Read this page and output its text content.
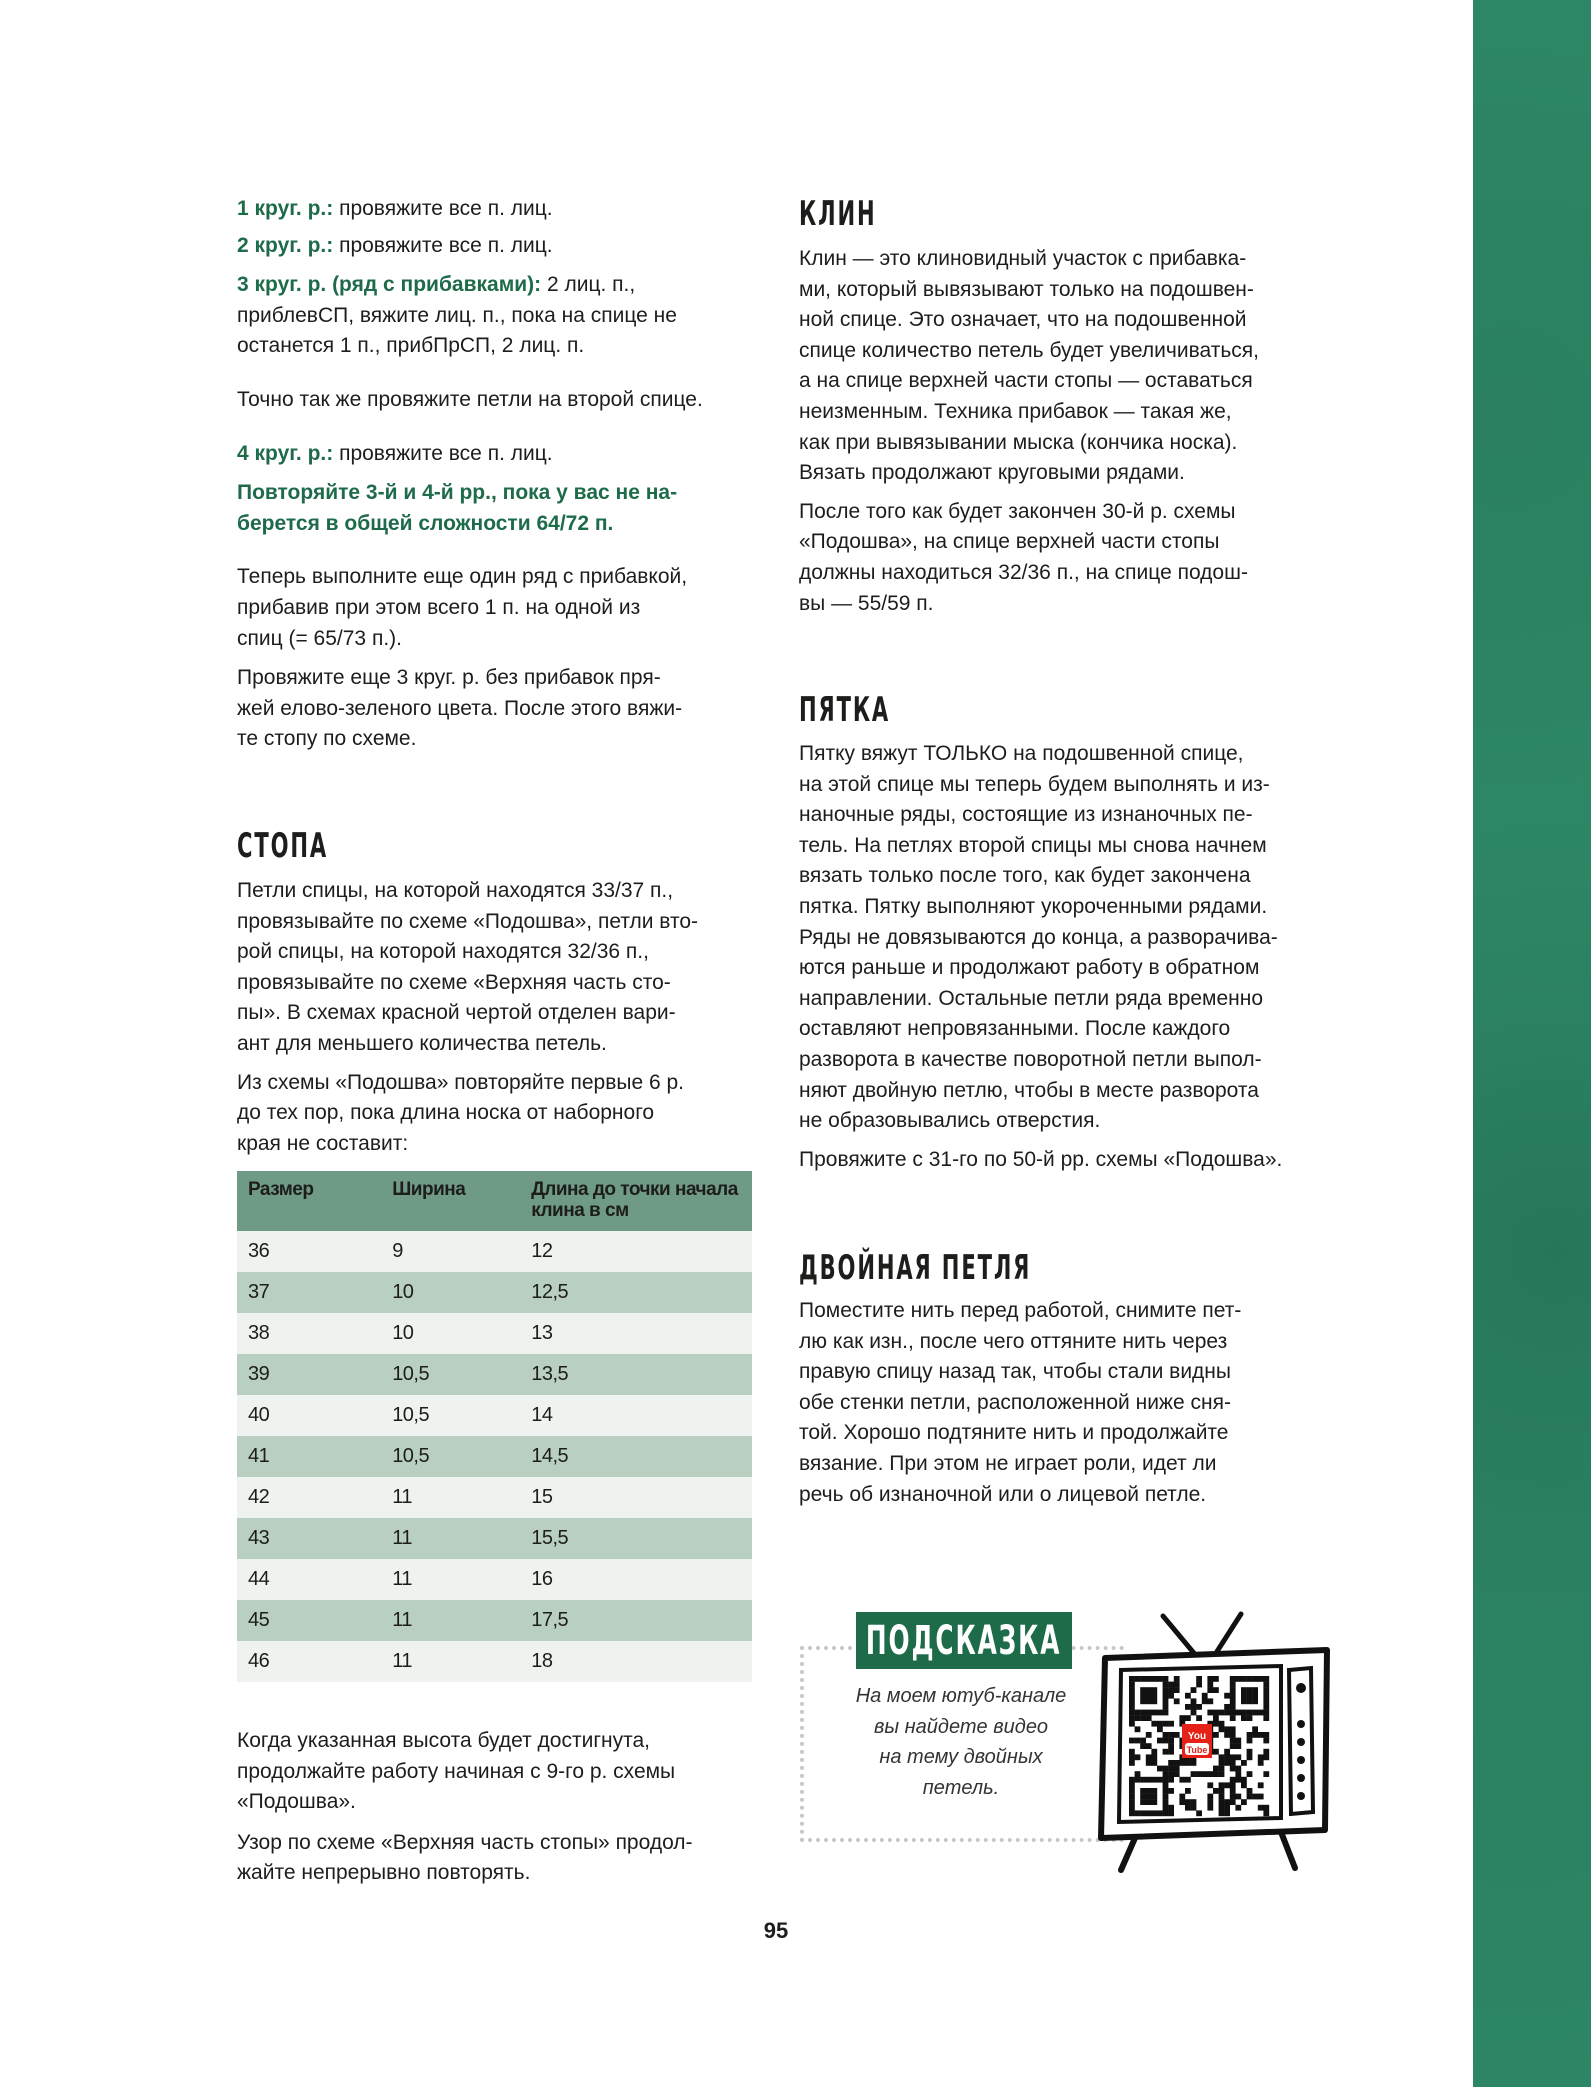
1 круг. р.: провяжите все п. лиц.
2 круг. р.: провяжите все п. лиц.
3 круг. р. (ряд с прибавками): 2 лиц. п.,
приблевСП, вяжите лиц. п., пока на спице не
останется 1 п., прибПрСП, 2 лиц. п.
Точно так же провяжите петли на второй спице.
4 круг. р.: провяжите все п. лиц.
Повторяйте 3-й и 4-й рр., пока у вас не на-
берется в общей сложности 64/72 п.
Теперь выполните еще один ряд с прибавкой,
прибавив при этом всего 1 п. на одной из
спиц (= 65/73 п.).
Провяжите еще 3 круг. р. без прибавок пря-
жей елово-зеленого цвета. После этого вяжи-
те стопу по схеме.
СТОПА
Петли спицы, на которой находятся 33/37 п.,
провязывайте по схеме «Подошва», петли вто-
рой спицы, на которой находятся 32/36 п.,
провязывайте по схеме «Верхняя часть сто-
пы». В схемах красной чертой отделен вари-
ант для меньшего количества петель.
Из схемы «Подошва» повторяйте первые 6 р.
до тех пор, пока длина носка от наборного
края не составит:
Размер	Ширина	Длина до точки начала клина в см
36	9	12
37	10	12,5
38	10	13
39	10,5	13,5
40	10,5	14
41	10,5	14,5
42	11	15
43	11	15,5
44	11	16
45	11	17,5
46	11	18
Когда указанная высота будет достигнута,
продолжайте работу начиная с 9-го р. схемы
«Подошва».
Узор по схеме «Верхняя часть стопы» продол-
жайте непрерывно повторять.
КЛИН
Клин — это клиновидный участок с прибавка-
ми, который вывязывают только на подошвен-
ной спице. Это означает, что на подошвенной
спице количество петель будет увеличиваться,
а на спице верхней части стопы — оставаться
неизменным. Техника прибавок — такая же,
как при вывязывании мыска (кончика носка).
Вязать продолжают круговыми рядами.
После того как будет закончен 30-й р. схемы
«Подошва», на спице верхней части стопы
должны находиться 32/36 п., на спице подош-
вы — 55/59 п.
ПЯТКА
Пятку вяжут ТОЛЬКО на подошвенной спице,
на этой спице мы теперь будем выполнять и из-
наночные ряды, состоящие из изнаночных пе-
тель. На петлях второй спицы мы снова начнем
вязать только после того, как будет закончена
пятка. Пятку выполняют укороченными рядами.
Ряды не довязываются до конца, а разворачива-
ются раньше и продолжают работу в обратном
направлении. Остальные петли ряда временно
оставляют непровязанными. После каждого
разворота в качестве поворотной петли выпол-
няют двойную петлю, чтобы в месте разворота
не образовывались отверстия.
Провяжите с 31-го по 50-й рр. схемы «Подошва».
ДВОЙНАЯ ПЕТЛЯ
Поместите нить перед работой, снимите пет-
лю как изн., после чего оттяните нить через
правую спицу назад так, чтобы стали видны
обе стенки петли, расположенной ниже сня-
той. Хорошо подтяните нить и продолжайте
вязание. При этом не играет роли, идет ли
речь об изнаночной или о лицевой петле.
ПОДСКАЗКА
На моем ютуб-канале
вы найдете видео
на тему двойных
петель.
You
Tube
95
